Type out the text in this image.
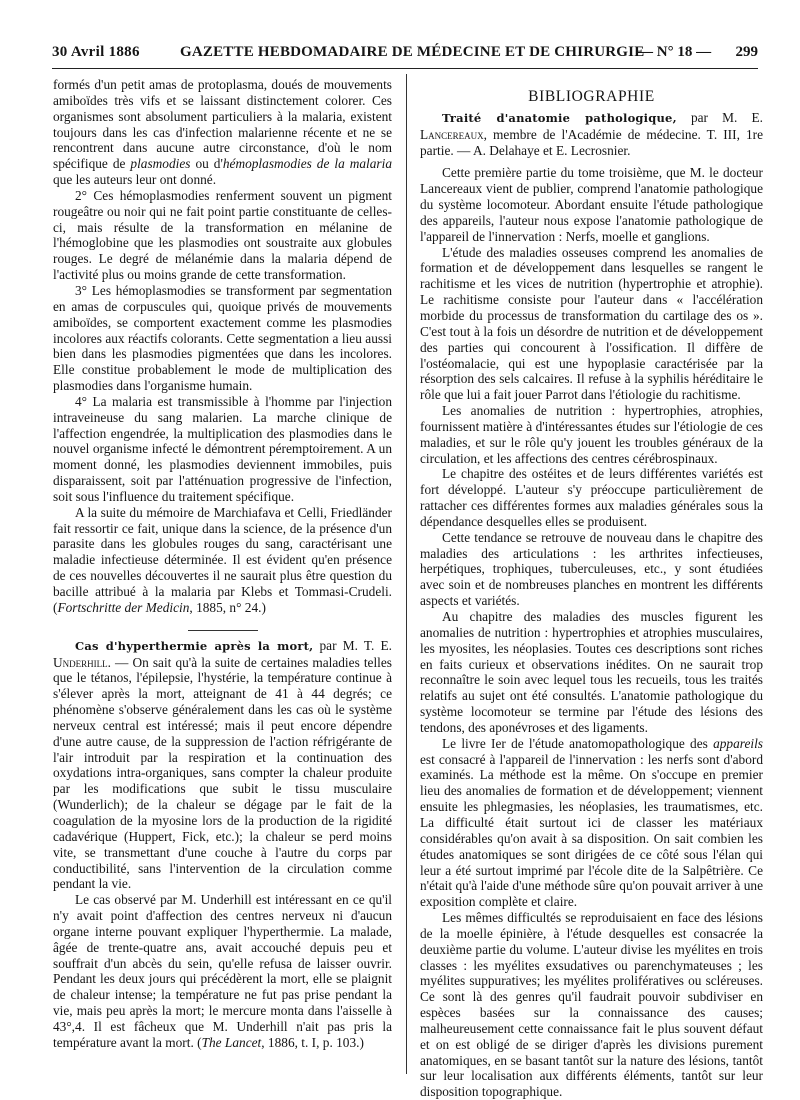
30 Avril 1886	GAZETTE HEBDOMADAIRE DE MÉDECINE ET DE CHIRURGIE
— N° 18 — 299

formés d'un petit amas de protoplasma, doués de mouvements amiboïdes très vifs et se laissant distinctement colorer. Ces organismes sont absolument particuliers à la malaria, existent toujours dans les cas d'infection malarienne récente et ne se rencontrent dans aucune autre circonstance, d'où le nom spécifique de plasmodies ou d'hémoplasmodies de la malaria que les auteurs leur ont donné.

2° Ces hémoplasmodies renferment souvent un pigment rougeâtre ou noir qui ne fait point partie constituante de celles-ci, mais résulte de la transformation en mélanine de l'hémoglobine que les plasmodies ont soustraite aux globules rouges. Le degré de mélanémie dans la malaria dépend de l'activité plus ou moins grande de cette transformation.

3° Les hémoplasmodies se transforment par segmentation en amas de corpuscules qui, quoique privés de mouvements amiboïdes, se comportent exactement comme les plasmodies incolores aux réactifs colorants. Cette segmentation a lieu aussi bien dans les plasmodies pigmentées que dans les incolores. Elle constitue probablement le mode de multiplication des plasmodies dans l'organisme humain.

4° La malaria est transmissible à l'homme par l'injection intraveineuse du sang malarien. La marche clinique de l'affection engendrée, la multiplication des plasmodies dans le nouvel organisme infecté le démontrent péremptoirement. A un moment donné, les plasmodies deviennent immobiles, puis disparaissent, soit par l'atténuation progressive de l'infection, soit sous l'influence du traitement spécifique.

A la suite du mémoire de Marchiafava et Celli, Friedländer fait ressortir ce fait, unique dans la science, de la présence d'un parasite dans les globules rouges du sang, caractérisant une maladie infectieuse déterminée. Il est évident qu'en présence de ces nouvelles découvertes il ne saurait plus être question du bacille attribué à la malaria par Klebs et Tommasi-Crudeli. (Fortschritte der Medicin, 1885, n° 24.)

Cas d'hyperthermie après la mort, par M. T. E. Underhill. — On sait qu'à la suite de certaines maladies telles que le tétanos, l'épilepsie, l'hystérie, la température continue à s'élever après la mort, atteignant de 41 à 44 degrés; ce phénomène s'observe généralement dans les cas où le système nerveux central est intéressé; mais il peut encore dépendre d'une autre cause, de la suppression de l'action réfrigérante de l'air introduit par la respiration et la continuation des oxydations intra-organiques, sans compter la chaleur produite par les modifications que subit le tissu musculaire (Wunderlich); de la chaleur se dégage par le fait de la coagulation de la myosine lors de la production de la rigidité cadavérique (Huppert, Fick, etc.); la chaleur se perd moins vite, se transmettant d'une couche à l'autre du corps par conductibilité, sans l'intervention de la circulation comme pendant la vie.

Le cas observé par M. Underhill est intéressant en ce qu'il n'y avait point d'affection des centres nerveux ni d'aucun organe interne pouvant expliquer l'hyperthermie. La malade, âgée de trente-quatre ans, avait accouché depuis peu et souffrait d'un abcès du sein, qu'elle refusa de laisser ouvrir. Pendant les deux jours qui précédèrent la mort, elle se plaignit de chaleur intense; la température ne fut pas prise pendant la vie, mais peu après la mort; le mercure monta dans l'aisselle à 43°,4. Il est fâcheux que M. Underhill n'ait pas pris la température avant la mort. (The Lancet, 1886, t. I, p. 103.)

BIBLIOGRAPHIE

Traité d'anatomie pathologique, par M. E. Lancereaux, membre de l'Académie de médecine. T. III, 1re partie. — A. Delahaye et E. Lecrosnier.

Cette première partie du tome troisième, que M. le docteur Lancereaux vient de publier, comprend l'anatomie pathologique du système locomoteur. Abordant ensuite l'étude pathologique des appareils, l'auteur nous expose l'anatomie pathologique de l'appareil de l'innervation : Nerfs, moelle et ganglions.

L'étude des maladies osseuses comprend les anomalies de formation et de développement dans lesquelles se rangent le rachitisme et les vices de nutrition (hypertrophie et atrophie). Le rachitisme consiste pour l'auteur dans « l'accélération morbide du processus de transformation du cartilage des os ». C'est tout à la fois un désordre de nutrition et de développement des parties qui concourent à l'ossification. Il diffère de l'ostéomalacie, qui est une hypoplasie caractérisée par la résorption des sels calcaires. Il refuse à la syphilis héréditaire le rôle que lui a fait jouer Parrot dans l'étiologie du rachitisme.

Les anomalies de nutrition : hypertrophies, atrophies, fournissent matière à d'intéressantes études sur l'étiologie de ces maladies, et sur le rôle qu'y jouent les troubles généraux de la circulation, et les affections des centres cérébrospinaux.

Le chapitre des ostéites et de leurs différentes variétés est fort développé. L'auteur s'y préoccupe particulièrement de rattacher ces différentes formes aux maladies générales sous la dépendance desquelles elles se produisent.

Cette tendance se retrouve de nouveau dans le chapitre des maladies des articulations : les arthrites infectieuses, herpétiques, trophiques, tuberculeuses, etc., y sont étudiées avec soin et de nombreuses planches en montrent les différents aspects et variétés.

Au chapitre des maladies des muscles figurent les anomalies de nutrition : hypertrophies et atrophies musculaires, les myosites, les néoplasies. Toutes ces descriptions sont riches en faits curieux et observations inédites. On ne saurait trop reconnaître le soin avec lequel tous les recueils, tous les traités relatifs au sujet ont été consultés. L'anatomie pathologique du système locomoteur se termine par l'étude des lésions des tendons, des aponévroses et des ligaments.

Le livre Ier de l'étude anatomopathologique des appareils est consacré à l'appareil de l'innervation : les nerfs sont d'abord examinés. La méthode est la même. On s'occupe en premier lieu des anomalies de formation et de développement; viennent ensuite les phlegmasies, les néoplasies, les traumatismes, etc. La difficulté était surtout ici de classer les matériaux considérables qu'on avait à sa disposition. On sait combien les études anatomiques se sont dirigées de ce côté sous l'élan qui leur a été surtout imprimé par l'école dite de la Salpêtrière. Ce n'était qu'à l'aide d'une méthode sûre qu'on pouvait arriver à une exposition complète et claire.

Les mêmes difficultés se reproduisaient en face des lésions de la moelle épinière, à l'étude desquelles est consacrée la deuxième partie du volume. L'auteur divise les myélites en trois classes : les myélites exsudatives ou parenchymateuses ; les myélites suppuratives; les myélites prolifératives ou scléreuses. Ce sont là des genres qu'il faudrait pouvoir subdiviser en espèces basées sur la connaissance des causes; malheureusement cette connaissance fait le plus souvent défaut et on est obligé de se diriger d'après les divisions purement anatomiques, en se basant tantôt sur la nature des lésions, tantôt sur leur localisation aux différents éléments, tantôt sur leur disposition topographique.
